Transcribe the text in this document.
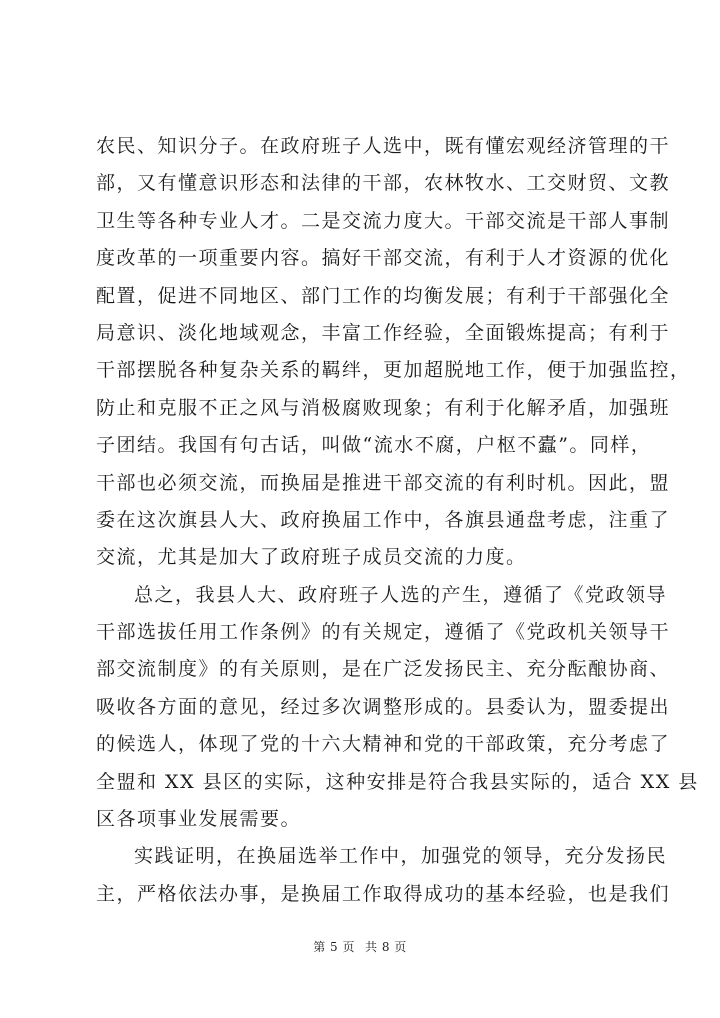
农民、知识分子。在政府班子人选中，既有懂宏观经济管理的干
部，又有懂意识形态和法律的干部，农林牧水、工交财贸、文教
卫生等各种专业人才。二是交流力度大。干部交流是干部人事制
度改革的一项重要内容。搞好干部交流，有利于人才资源的优化
配置，促进不同地区、部门工作的均衡发展；有利于干部强化全
局意识、淡化地域观念，丰富工作经验，全面锻炼提高；有利于
干部摆脱各种复杂关系的羁绊，更加超脱地工作，便于加强监控，
防止和克服不正之风与消极腐败现象；有利于化解矛盾，加强班
子团结。我国有句古话，叫做“流水不腐，户枢不蠹”。同样，
干部也必须交流，而换届是推进干部交流的有利时机。因此，盟
委在这次旗县人大、政府换届工作中，各旗县通盘考虑，注重了
交流，尤其是加大了政府班子成员交流的力度。
总之，我县人大、政府班子人选的产生，遵循了《党政领导
干部选拔任用工作条例》的有关规定，遵循了《党政机关领导干
部交流制度》的有关原则，是在广泛发扬民主、充分酝酿协商、
吸收各方面的意见，经过多次调整形成的。县委认为，盟委提出
的候选人，体现了党的十六大精神和党的干部政策，充分考虑了
全盟和 XX 县区的实际，这种安排是符合我县实际的，适合 XX 县
区各项事业发展需要。
实践证明，在换届选举工作中，加强党的领导，充分发扬民
主，严格依法办事，是换届工作取得成功的基本经验，也是我们
第 5 页 共 8 页
